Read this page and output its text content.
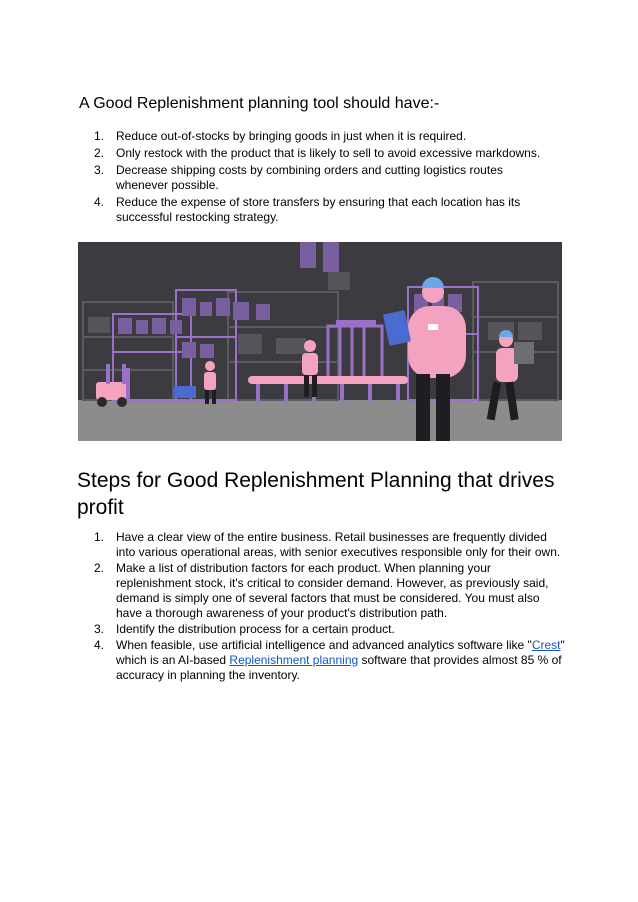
A Good Replenishment planning tool should have:-
1. Reduce out-of-stocks by bringing goods in just when it is required.
2. Only restock with the product that is likely to sell to avoid excessive markdowns.
3. Decrease shipping costs by combining orders and cutting logistics routes whenever possible.
4. Reduce the expense of store transfers by ensuring that each location has its successful restocking strategy.
Steps for Good Replenishment Planning that drives profit
1. Have a clear view of the entire business. Retail businesses are frequently divided into various operational areas, with senior executives responsible only for their own.
2. Make a list of distribution factors for each product. When planning your replenishment stock, it's critical to consider demand. However, as previously said, demand is simply one of several factors that must be considered. You must also have a thorough awareness of your product's distribution path.
3. Identify the distribution process for a certain product.
4. When feasible, use artificial intelligence and advanced analytics software like "Crest" which is an AI-based Replenishment planning software that provides almost 85 % of accuracy in planning the inventory.
